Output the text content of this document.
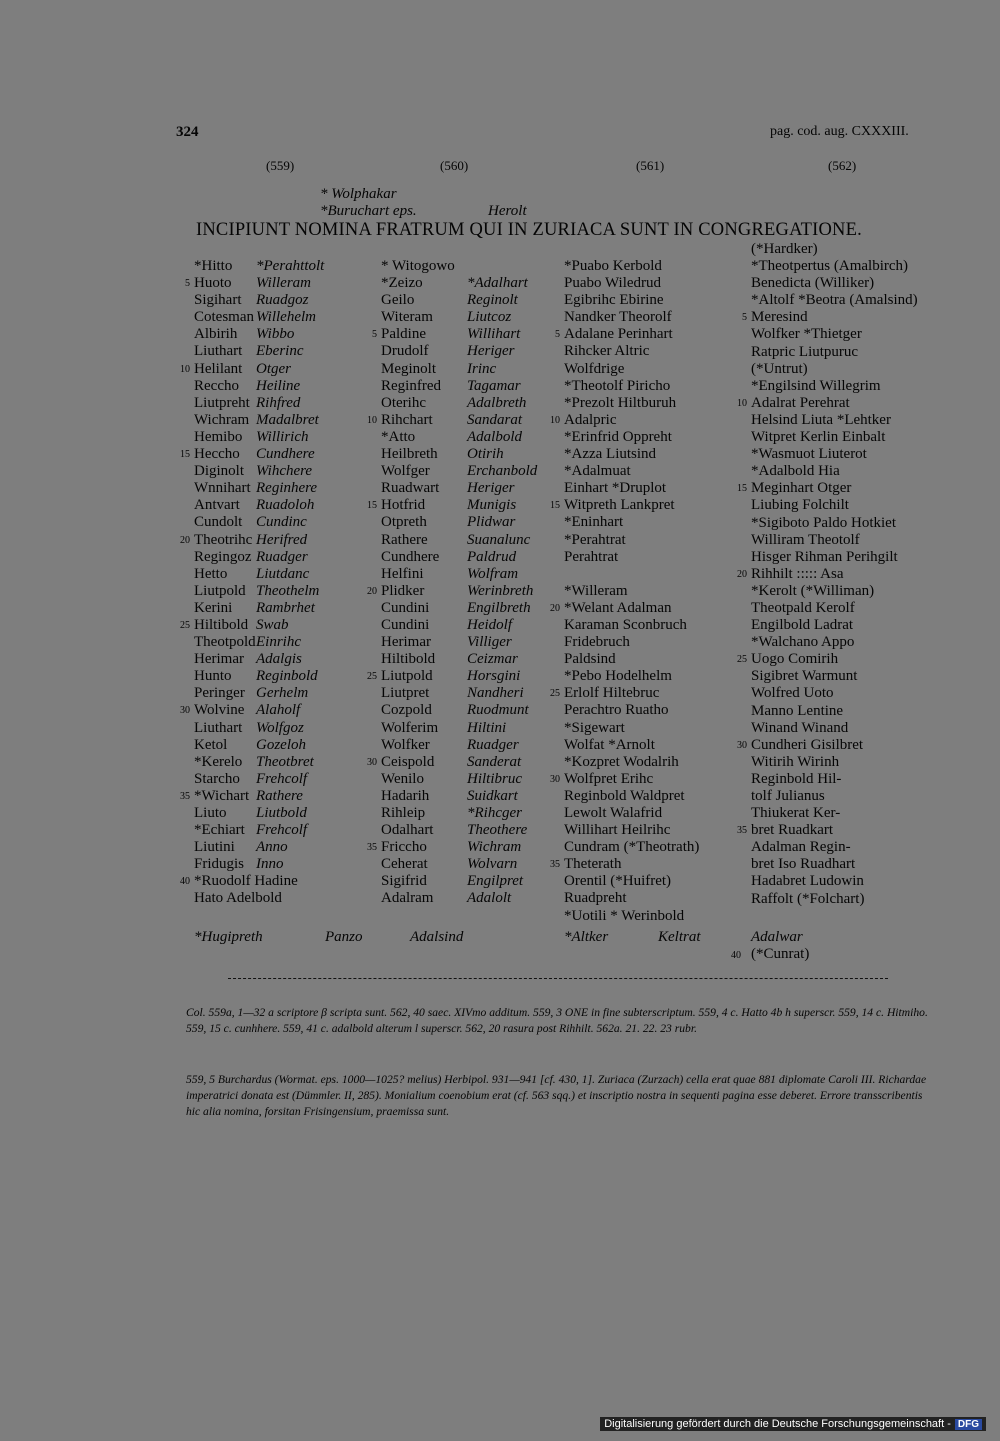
324	pag. cod. aug. CXXXIII.
(559)	(560)	(561)	(562)
* Wolphakar
*Buruchart eps.	Herolt
INCIPIUNT NOMINA FRATRUM QUI IN ZURIACA SUNT IN CONGREGATIONE.
*Hitto *Perahttolt
5 Huoto Willeram
Sigihart Ruadgoz
Cotesman Willehelm
Albirih Wibbo
Liuthart Eberinc
10 Helilant Otger
Reccho Heiline
Liutpreht Rihfred
Wichram Madalbret
Hemibo Willirich
15 Heccho Cundhere
Diginolt Wihchere
Wnnihart Reginhere
Antvart Ruadoloh
Cundolt Cundinc
20 Theotrihc Herifred
Regingoz Ruadger
Hetto Liutdanc
Liutpold Theothelm
Kerini Rambrhet
25 Hiltibold Swab
Theotpold Einrihc
Herimar Adalgis
Hunto Reginbold
Peringer Gerhelm
30 Wolvine Alaholf
Liuthart Wolfgoz
Ketol Gozeloh
*Kerelo Theotbret
Starcho Frehcolf
35 *Wichart Rathere
Liuto Liutbold
*Echiart Frehcolf
Liutini Anno
Fridugis Inno
40 *Ruodolf Hadine
Hato Adelbold
* Witogowo
*Zeizo	*Adalhart
Geilo	Reginolt
Witeram Liutcoz
5 Paldine	Willihart
Drudolf	Heriger
Meginolt Irinc
Reginfred Tagamar
Oterihc	Adalbreth
10 Rihchart Sandarat
*Atto	Adalbold
Heilbreth Otirih
Wolfger Erchanbold
Ruadwart Heriger
15 Hotfrid	Munigis
Otpreth	Plidwar
Rathere	Suanalunc
Cundhere Paldrud
Helfini	Wolfram
20 Plidker	Werinbreth
Cundini	Engilbreth
Cundini	Heidolf
Herimar Villiger
Hiltibold Ceizmar
25 Liutpold Horsgini
Liutpret	Nandheri
Cozpold Ruodmunt
Wolferim Hiltini
Wolfker Ruadger
30 Ceispold Sanderat
Wenilo	Hiltibruc
Hadarih	Suidkart
Rihleip	*Rihcger
Odalhart Theothere
35 Friccho	Wichram
Ceherat	Wolvarn
Sigifrid	Engilpret
Adalram Adalolt
*Puabo Kerbold
Puabo Wiledrud
Egibrihc Ebirine
Nandker Theorolf
5 Adalane Perinhart
Rihcker Altric
Wolfdrige
*Theotolf Piricho
*Prezolt Hiltburuh
10 Adalpric
*Erinfrid Oppreht
*Azza Liutsind
*Adalmuat
Einhart *Druplot
15 Witpreth Lankpret
*Eninhart
*Perahtrat
Perahtrat
*Willeram
20 *Welant Adalman
Karaman Sconbruch
Fridebruch
Paldsind
*Pebo Hodelhelm
25 Erlolf Hiltebruc
Perachtro Ruatho
*Sigewart
Wolfat *Arnolt
*Kozpret Wodalrih
30 Wolfpret Erihc
Reginbold Waldpret
Lewolt Walafrid
Willihart Heilrihc
Cundram (*Theotrath)
35 Theterath
Orentil (*Huifret)
Ruadpreht
*Uotili * Werinbold
(*Hardker)
*Theotpertus (Amalbirch)
Benedicta (Williker)
*Altolf *Beotra (Amalsind)
5 Meresind
Wolfker *Thietger
Ratpric Liutpuruc
(*Untrut)
*Engilsind Willegrim
10 Adalrat Perehrat
Helsind Liuta *Lehtker
Witpret Kerlin Einbalt
*Wasmuot Liuterot
*Adalbold Hia
15 Meginhart Otger
Liubing Folchilt
*Sigiboto Paldo Hotkiet
Williram Theotolf
Hisger Rihman Perihgilt
20 Rihhilt ::::: Asa
*Kerolt (*Williman)
Theotpald Kerolf
Engilbold Ladrat
*Walchano Appo
25 Uogo Comirih
Sigibret Warmunt
Wolfred Uoto
Manno Lentine
Winand Winand
30 Cundheri Gisilbret
Witirih Wirinh
Reginbold Hil-
tolf Julianus
Thiukerat Ker-
35 bret Ruadkart
Adalman Regin-
bret Iso Ruadhart
Hadabret Ludowin
Raffolt (*Folchart)
*Hugipreth	Panzo	Adalsind	*Altker	Keltrat	Adalwar
40 (*Cunrat)
Col. 559a, 1—32 a scriptore β scripta sunt. 562, 40 saec. XIVmo additum. 559, 3 ONE in fine subterscriptum. 559, 4 c. Hatto 4b h superscr. 559, 14 c. Hitmiho. 559, 15 c. cunhhere. 559, 41 c. adalbold alterum l superscr. 562, 20 rasura post Rihhilt. 562a. 21. 22. 23 rubr.
559, 5 Burchardus (Wormat. eps. 1000—1025? melius) Herbipol. 931—941 [cf. 430, 1]. Zuriaca (Zurzach) cella erat quae 881 diplomate Caroli III. Richardae imperatrici donata est (Dümmler. II, 285). Monialium coenobium erat (cf. 563 sqq.) et inscriptio nostra in sequenti pagina esse deberet. Errore transscribentis hic alia nomina, forsitan Frisingensium, praemissa sunt.
Digitalisierung gefördert durch die Deutsche Forschungsgemeinschaft - DFG
